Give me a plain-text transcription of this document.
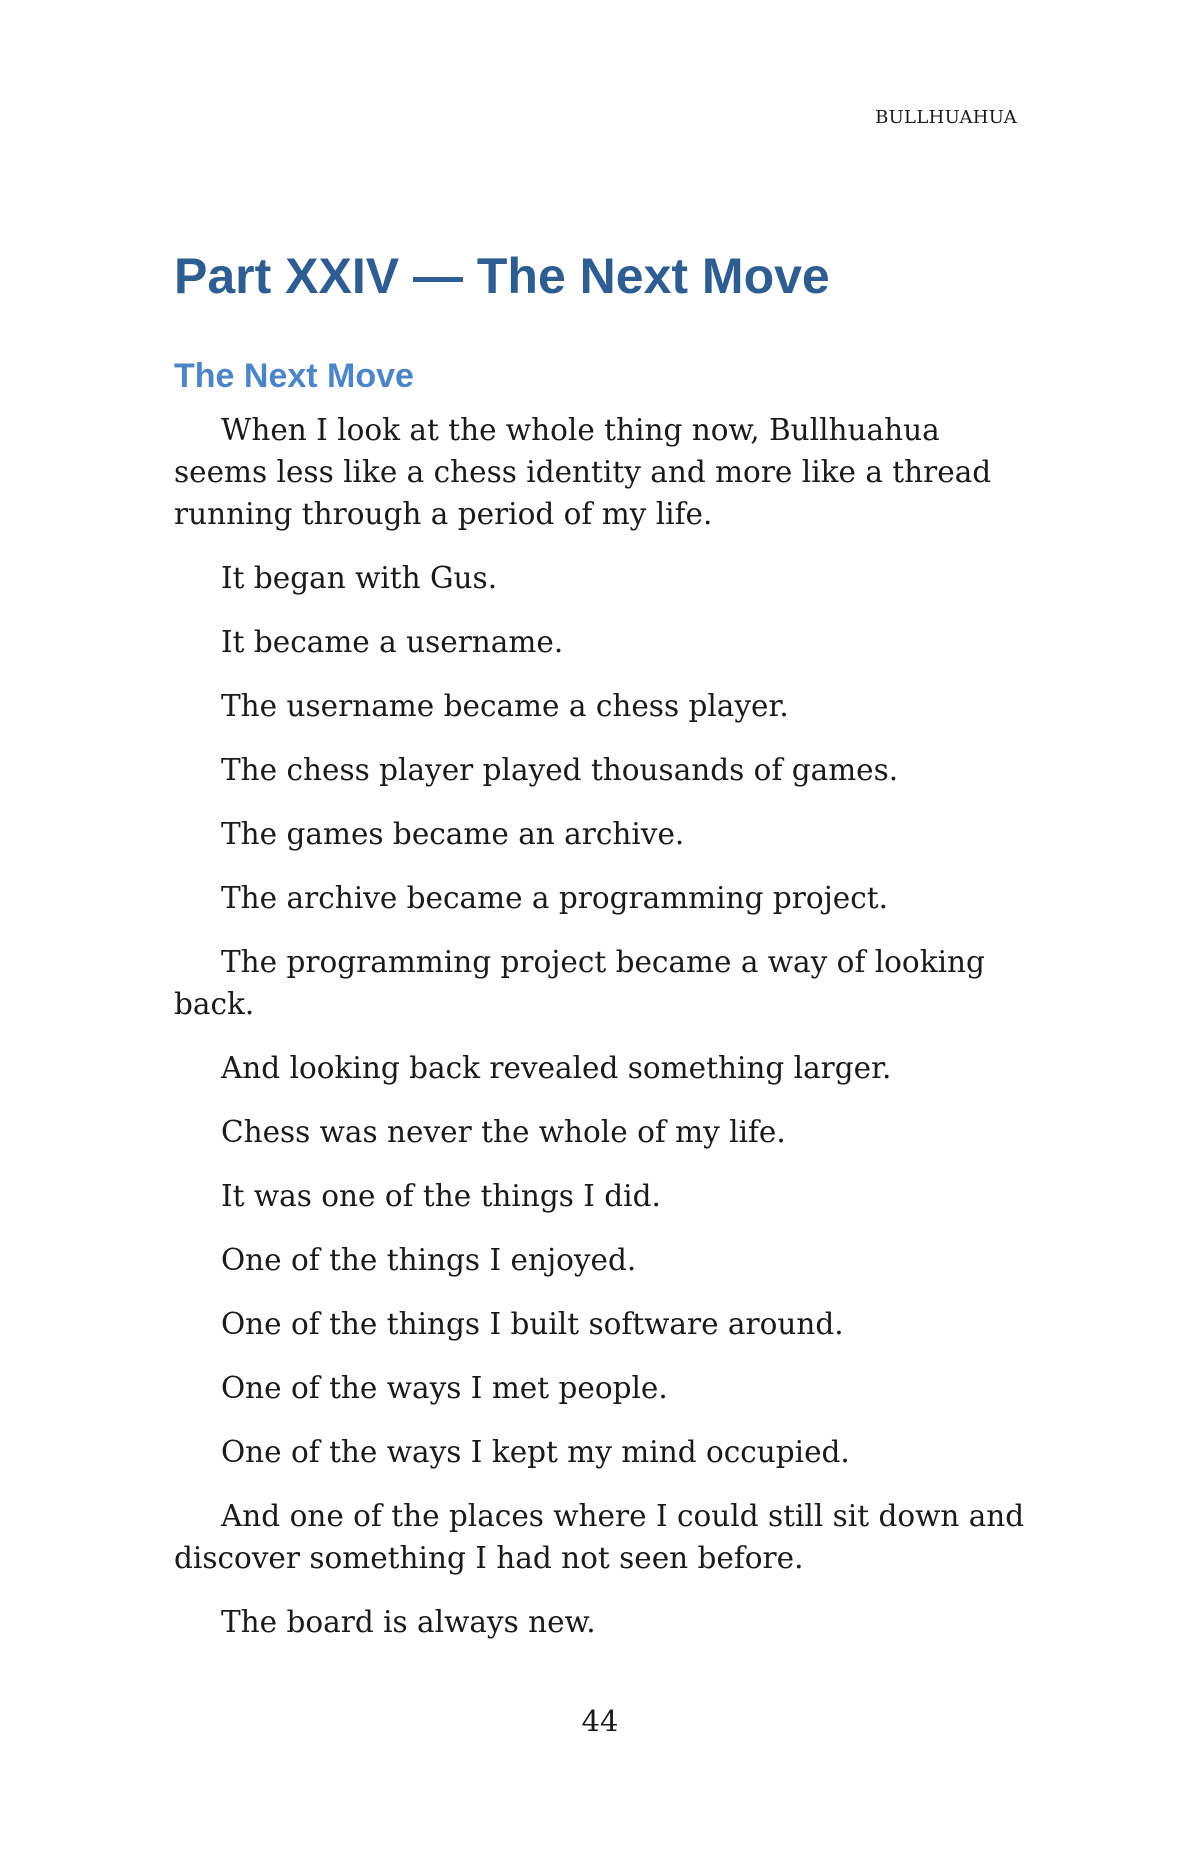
BULLHUAHUA
Part XXIV — The Next Move
The Next Move

When I look at the whole thing now, Bullhuahua seems less like a chess identity and more like a thread running through a period of my life.

It began with Gus.

It became a username.

The username became a chess player.

The chess player played thousands of games.

The games became an archive.

The archive became a programming project.

The programming project became a way of looking back.

And looking back revealed something larger.

Chess was never the whole of my life.

It was one of the things I did.

One of the things I enjoyed.

One of the things I built software around.

One of the ways I met people.

One of the ways I kept my mind occupied.

And one of the places where I could still sit down and discover something I had not seen before.

The board is always new.

44
